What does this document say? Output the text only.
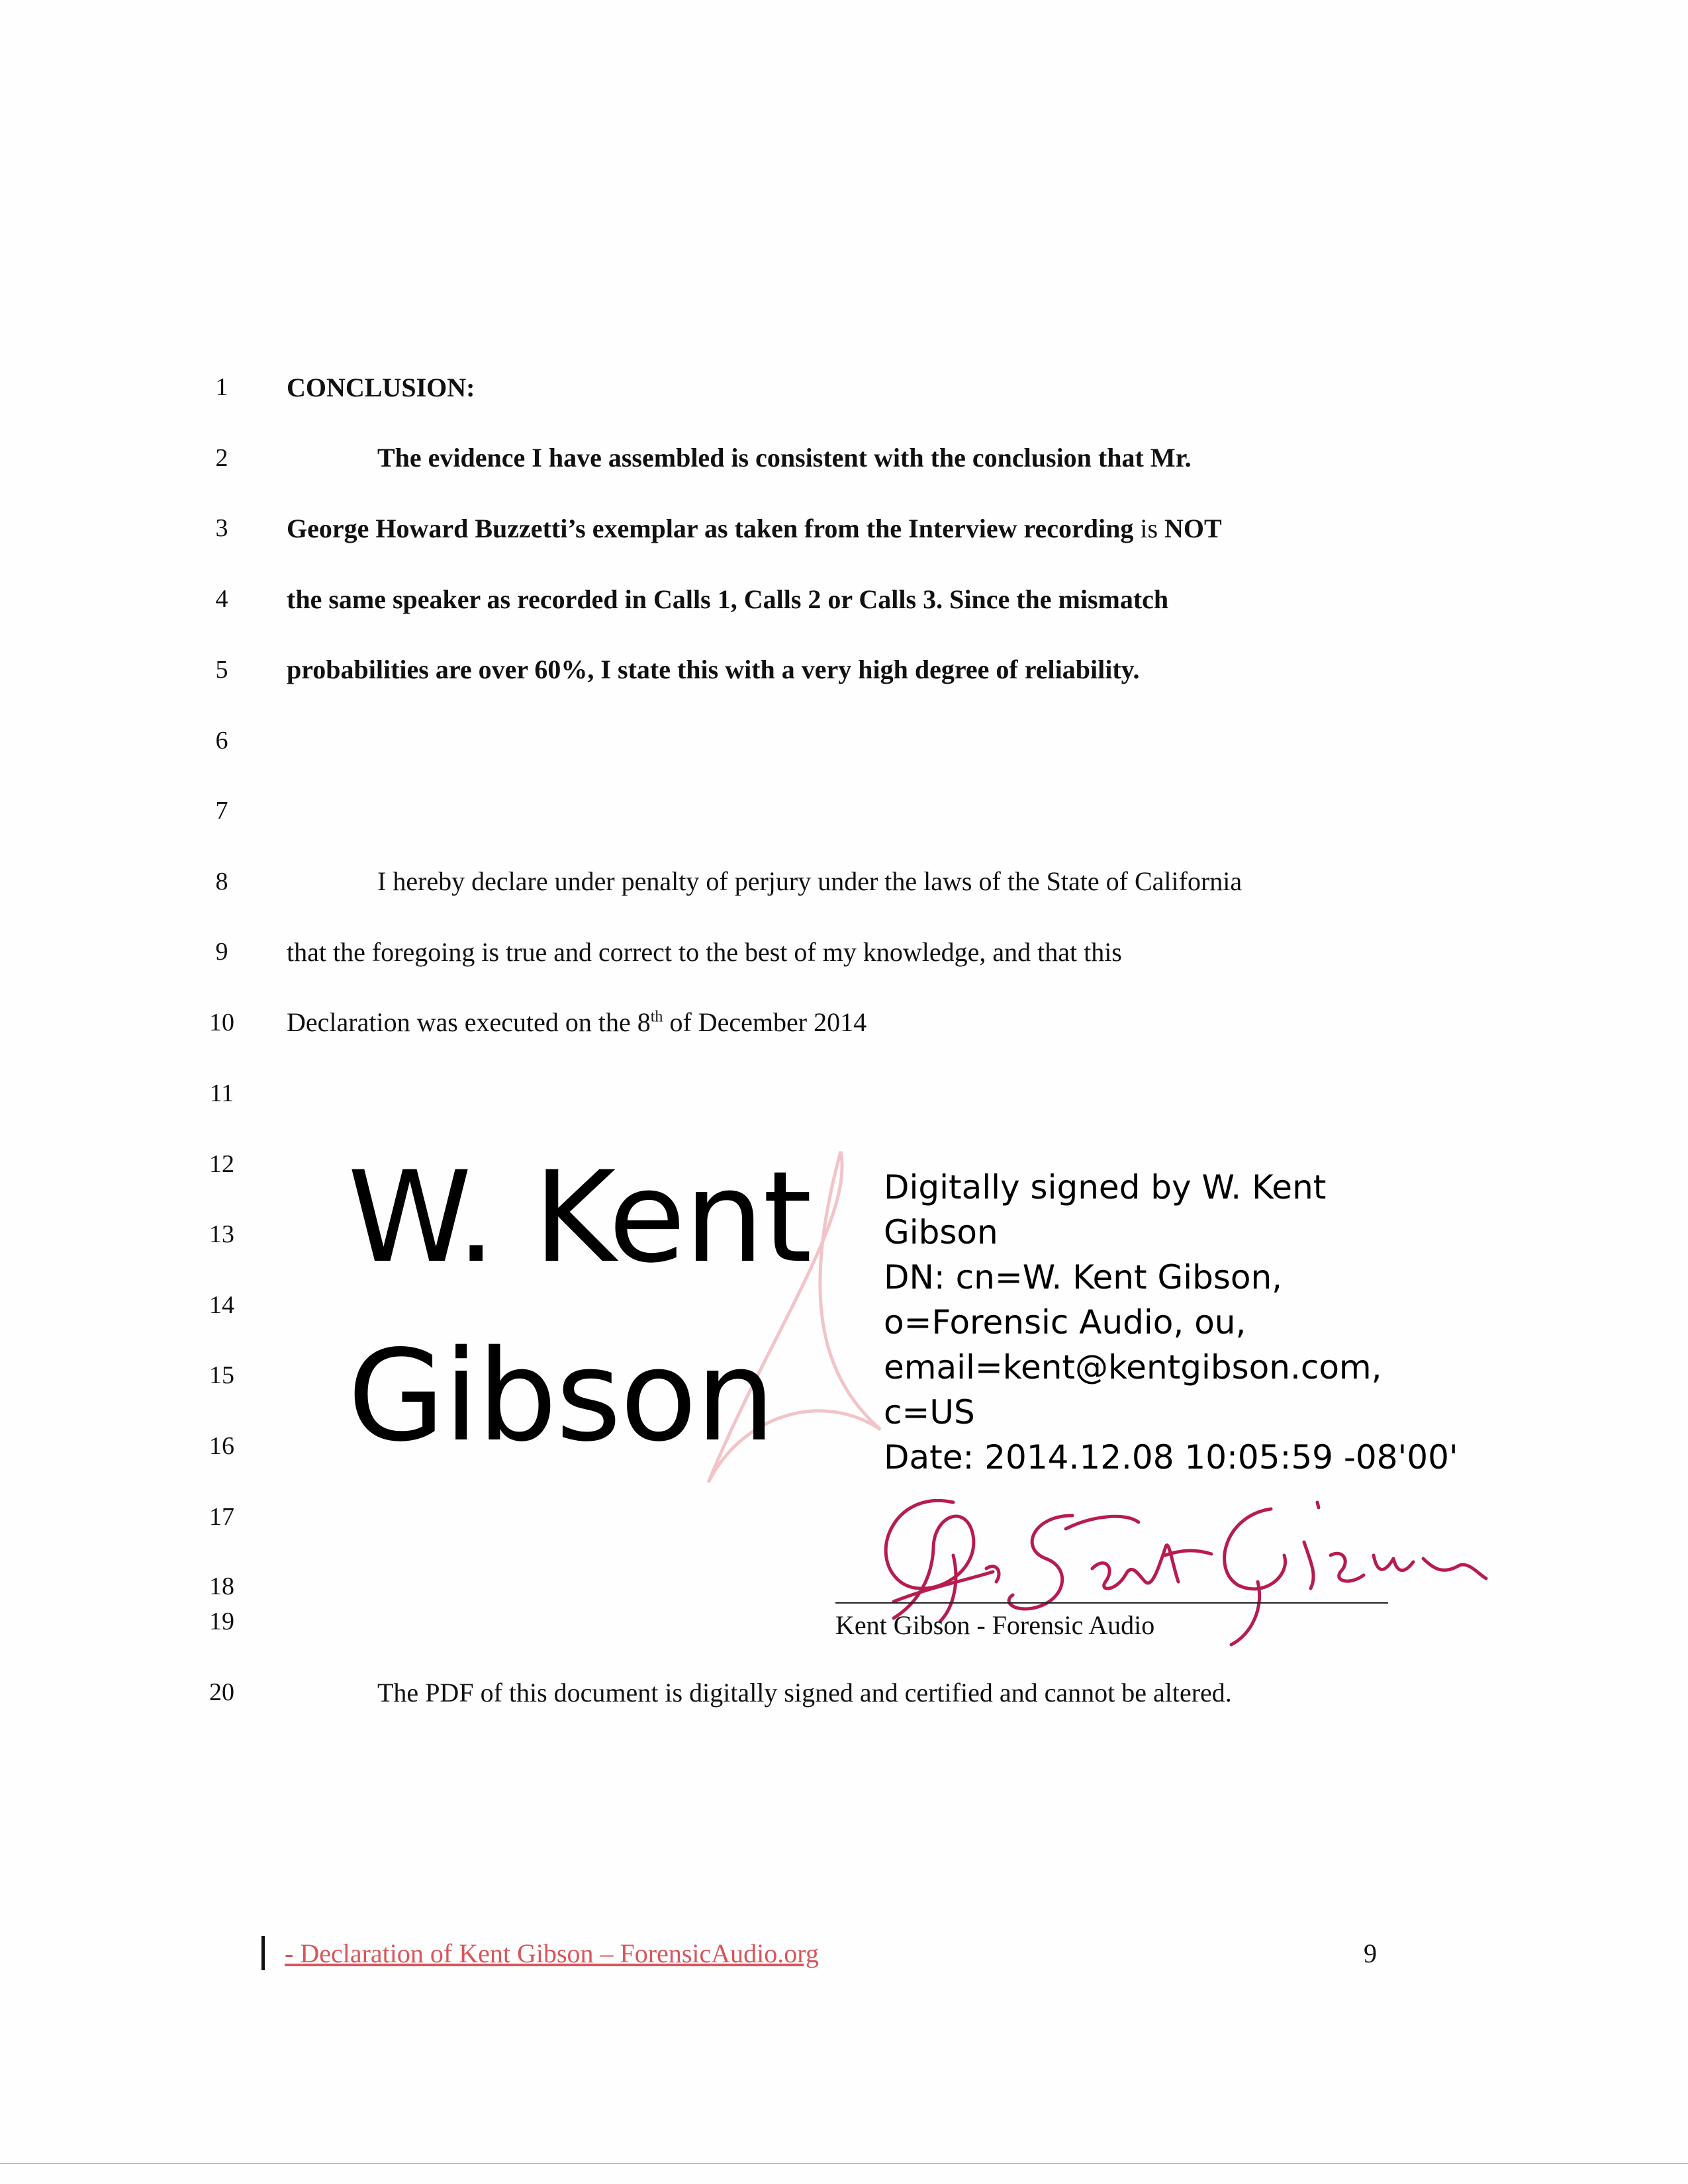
1
2
3
4
5
6
7
8
9
10
11
12
13
14
15
16
17
18
19
20
CONCLUSION:
The evidence I have assembled is consistent with the conclusion that Mr.
George Howard Buzzetti’s exemplar as taken from the Interview recording is NOT
the same speaker as recorded in Calls 1, Calls 2 or Calls 3. Since the mismatch
probabilities are over 60%, I state this with a very high degree of reliability.
I hereby declare under penalty of perjury under the laws of the State of California
that the foregoing is true and correct to the best of my knowledge, and that this
Declaration was executed on the 8th of December 2014
W. Kent
Gibson
Digitally signed by W. Kent
Gibson
DN: cn=W. Kent Gibson,
o=Forensic Audio, ou,
email=kent@kentgibson.com,
c=US
Date: 2014.12.08 10:05:59 -08'00'
Kent Gibson - Forensic Audio
The PDF of this document is digitally signed and certified and cannot be altered.
- Declaration of Kent Gibson – ForensicAudio.org	9
